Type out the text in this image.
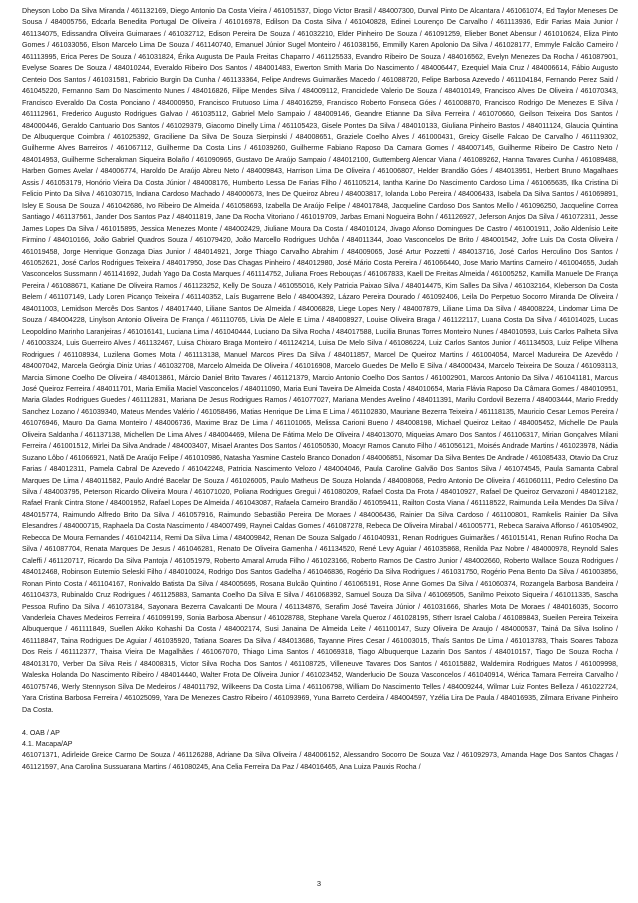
Dheyson Lobo Da Silva Miranda / 461132169, Diego Antonio Da Costa Vieira / 461051537, Diogo Victor Brasil / 484007300, Durval Pinto De Alcantara / 461061074, Ed Taylor Meneses De Sousa / 484005756, Edcarla Benedita Portugal De Oliveira / 461016978, Edilson Da Costa Silva / 461040828, Edinei Lourenço De Carvalho / 461113936, Edir Farias Maia Junior / 461134075, Edissandra Oliveira Guimaraes / 461032712, Edison Pereira De Souza / 461032210, Elder Pinheiro De Souza / 461091259, Elieber Bonet Abensur / 461010624, Eliza Pinto Gomes / 461033056, Elson Marcelo Lima De Souza / 461140740, Emanuel Júnior Sugel Monteiro / 461038156, Emmilly Karen Apolonio Da Silva / 461028177, Emmyle Falcão Carneiro / 461113995, Erica Peres De Souza / 461031824, Érika Augusta De Paula Freitas Chaparro / 461125533, Evandro Ribeiro De Souza / 484016562, Evelyn Menezes Da Rocha / 461087901, Evelyse Soares De Souza / 484010244, Everaldo Ribeiro Dos Santos / 484001483, Ewerton Smith Maria Do Nascimento / 484006447, Ezequiel Maia Cruz / 484006614, Fábio Augusto Centeio Dos Santos / 461031581, Fabricio Burgin Da Cunha / 461133364, Felipe Andrews Guimarães Macedo / 461088720, Felipe Barbosa Azevedo / 461104184, Fernando Perez Said / 461045220, Fernanno Sam Do Nascimento Nunes / 484016826, Filipe Mendes Silva / 484009112, Franciclede Valerio De Souza / 484010149, Francisco Alves De Oliveira / 461070343, Francisco Everaldo Da Costa Ponciano / 484000950, Francisco Frutuoso Lima / 484016259, Francisco Roberto Fonseca Góes / 461008870, Francisco Rodrigo De Menezes E Silva / 461112961, Frederico Augusto Rodrigues Galvao / 461035112, Gabriel Melo Sampaio / 484009146, Geandre Etianne Da Silva Ferreira / 461070660, Geilson Teixeira Dos Santos / 484000446, Geraldo Cantuario Dos Santos / 461029379, Giacomo Dinelly Lima / 461105423, Gisele Pontes Da Silva / 484010133, Giuliana Pinheiro Bastos / 484011124, Glaucia Quintina De Albuquerque Coimbra / 461025392, Graciliene Da Silva De Souza Sierpinski / 484008651, Graziele Coelho Alves / 461000431, Greicy Giselle Falcao De Carvalho / 461119302, Guilherme Alves Barreiros / 461067112, Guilherme Da Costa Lins / 461039260, Guilherme Fabiano Raposo Da Camara Gomes / 484007145, Guilherme Ribeiro De Castro Neto / 484014953, Guilherme Scherakman Siqueira Bolaño / 461090965, Gustavo De Araújo Sampaio / 484012100, Guttemberg Alencar Viana / 461089262, Hanna Tavares Cunha / 461089488, Harben Gomes Avelar / 484006774, Haroldo De Araújo Abreu Neto / 484009843, Harrison Lima De Oliveira / 461006807, Helder Brandão Góes / 484013951, Herbert Bruno Magalhaes Assis / 461053179, Honório Vieira Da Costa Júnior / 484008176, Humberto Lessa De Farias Filho / 461105214, Iantha Karine Do Nascimento Cardoso Lima / 461065635, Ilka Cristina Di Felicio Pinto Da Silva / 461030715, Indiana Cardoso Machado / 484000673, Ines De Queiroz Abreu / 484003817, Iolanda Lobo Pereira / 484006433, Isabela Da Silva Santos / 461069891, Isley E Sousa De Souza / 461042686, Ivo Ribeiro De Almeida / 461058693, Izabella De Araújo Felipe / 484017848, Jacqueline Cardoso Dos Santos Mello / 461096250, Jacqueline Correa Santiago / 461137561, Jander Dos Santos Paz / 484011819, Jane Da Rocha Vitoriano / 461019709, Jarbas Ernani Nogueira Bohn / 461126927, Jeferson Anjos Da Silva / 461072311, Jesse James Lopes Da Silva / 461015895, Jessica Menezes Monte / 484002429, Jiuliane Moura Da Costa / 484010124, Jivago Afonso Domingues De Castro / 461001911, João Aldenísio Leite Firmino / 484010166, João Gabriel Quadros Souza / 461079420, João Marcello Rodrigues Uchôa / 484011344, Joao Vasconcelos De Brito / 484001542, Jofre Luis Da Costa Oliveira / 461019458, Jorge Henrique Gonzaga Dias Junior / 484014921, Jorge Thiago Carvalho Abrahim / 484009065, José Artur Pozzetti / 484013716, José Carlos Herculino Dos Santos / 461052621, José Carlos Rodrigues Teixeira / 484017950, Jose Das Chagas Pinheiro / 484012980, José Mário Costa Pereira / 461066440, Jose Mario Martins Carneiro / 461004655, Judah Vasconcelos Sussmann / 461141692, Judah Yago Da Costa Marques / 461114752, Juliana Froes Rebouças / 461067833, Kaell De Freitas Almeida / 461005252, Kamilla Manuele De França Pereira / 461088671, Katiane De Oliveira Ramos / 461123252, Kelly De Souza / 461055016, Kely Patricia Paixao Silva / 484014475, Kim Salles Da Silva / 461032164, Kleberson Da Costa Belem / 461107149, Lady Loren Picanço Teixeira / 461140352, Laís Bugarrene Belo / 484004392, Lázaro Pereira Dourado / 461092406, Leila Do Perpetuo Socorro Miranda De Oliveira / 484011003, Lemidson Mercês Dos Santos / 484017440, Liliane Santos De Almeida / 484006828, Liege Lopes Nery / 484007879, Liliane Lima Da Silva / 484008224, Lindomar Lima De Souza / 484004228, Linylson Antonio Oliveira De França / 461110765, Livia De Alele E Lima / 484008927, Louise Oliveira Braga / 461122117, Luana Costa Da Silva / 461014025, Lucas Leopoldino Marinho Laranjeiras / 461016141, Luciana Lima / 461040444, Luciano Da Silva Rocha / 484017588, Lucilia Brunas Torres Monteiro Nunes / 484010593, Luis Carlos Palheta Silva / 461003324, Luis Guerreiro Alves / 461132467, Luisa Chixaro Braga Monteiro / 461124214, Luisa De Melo Silva / 461086224, Luiz Carlos Santos Junior / 461134503, Luiz Felipe Vilhena Rodrigues / 461108934, Luzilena Gomes Mota / 461113138, Manuel Marcos Pires Da Silva / 484011857, Marcel De Queiroz Martins / 461004054, Marcel Madureira De Azevêdo / 484007042, Marcela Geórgia Diniz Urias / 461032708, Marcelo Almeida De Oliveira / 461016908, Marcelo Guedes De Mello E Silva / 484000434, Marcelo Teixeira De Souza / 461093113, Marcia Simone Coelho De Oliveira / 484013861, Márcio Daniel Brito Tavares / 461121379, Marcio Antonio Coelho Dos Santos / 461002901, Marcos Antonio Da Silva / 461041181, Marcus José Queiroz Ferreira / 484011701, Maria Emilia Maciel Vasconcelos / 484011090, Maria Euni Taveira De Almeida Costa / 484010654, Maria Flávia Raposo Da Câmara Gomes / 484010951, Maria Glades Rodrigues Guedes / 461112831, Mariana De Jesus Rodrigues Ramos / 461077027, Mariana Mendes Avelino / 484011391, Marilu Cordovil Bezerra / 484003444, Mario Freddy Sanchez Lozano / 461039340, Mateus Mendes Valério / 461058496, Matias Henrique De Lima E Lima / 461102830, Mauriane Bezerra Teixeira / 461118135, Mauricio Cesar Lemos Pereira / 461076946, Mauro Da Gama Monteiro / 484006736, Maxime Braz De Lima / 461101065, Melissa Carioni Bueno / 484008198, Michael Queiroz Leitao / 484005452, Michelle De Paula Oliveira Saldanha / 461137138, Michellen De Lima Alves / 484004469, Milena De Fátima Melo De Oliveira / 484013070, Miqueias Amaro Dos Santos / 461106317, Mirian Gonçalves Milani Ferreira / 461001512, Mirlei Da Silva Andrade / 484003407, Misael Arantes Dos Santos / 461050530, Moacyr Ramos Canuto Filho / 461056121, Moisés Andrade Martins / 461023978, Nádia Suzano Lôbo / 461066921, Natã De Araújo Felipe / 461010986, Natasha Yasmine Castelo Branco Donadon / 484006851, Nisomar Da Silva Bentes De Andrade / 461085433, Otavio Da Cruz Farias / 484012311, Pamela Cabral De Azevedo / 461042248, Patricia Nascimento Velozo / 484004046, Paula Caroline Galvão Dos Santos Silva / 461074545, Paula Samanta Cabral Marques De Lima / 484011582, Paulo André Bacelar De Souza / 461026005, Paulo Matheus De Souza Holanda / 484008068, Pedro Antonio De Oliveira / 461060111, Pedro Celestino Da Silva / 484003795, Peterson Ricardo Oliveira Moura / 461071020, Poliana Rodrigues Gregui / 461080209, Rafael Costa Da Frota / 484010927, Rafael De Queiroz Gervazoni / 484012182, Rafael Frank Cintra Stone / 484001952, Rafael Lopes De Almeida / 461043087, Rafaela Carneiro Brandão / 461059411, Railton Costa Viana / 461118522, Raimunda Leila Mendes Da Silva / 484015774, Raimundo Alfredo Brito Da Silva / 461057916, Raimundo Sebastião Pereira De Moraes / 484006436, Rainier Da Silva Cardoso / 461100801, Ramkelis Rainier Da Silva Elesandres / 484000715, Raphaela Da Costa Nascimento / 484007499, Raynei Caldas Gomes / 461087278, Rebeca De Oliveira Mirabal / 461005771, Rebeca Saraiva Affonso / 461054902, Rebecca De Moura Fernandes / 461042114, Remi Da Silva Lima / 484009842, Renan De Souza Salgado / 461040931, Renan Rodrigues Guimarães / 461015141, Renan Rufino Rocha Da Silva / 461087704, Renata Marques De Jesus / 461046281, Renato De Oliveira Gamenha / 461134520, René Levy Aguiar / 461035868, Renilda Paz Nobre / 484000978, Reynold Sales Caleffi / 461120717, Ricardo Da Silva Pantoja / 461051979, Roberto Amaral Arruda Filho / 461023166, Roberto Ramos De Castro Junior / 484002660, Roberto Wallace Souza Rodrigues / 484012468, Robinson Eutemio Seleski Filho / 484010024, Rodrigo Dos Santos Gadelha / 461046836, Rogério Da Silva Rodrigues / 461031750, Rogério Pena Bento Da Silva / 461003856, Ronan Pinto Costa / 461104167, Ronivaldo Batista Da Silva / 484005695, Rosana Bulcão Quintino / 461065191, Rose Anne Gomes Da Silva / 461060374, Rozangela Barbosa Bandeira / 461104373, Rubinaldo Cruz Rodrigues / 461125883, Samanta Coelho Da Silva E Silva / 461068392, Samuel Souza Da Silva / 461069505, Sanilmo Peixoto Siqueira / 461011335, Sascha Pessoa Rufino Da Silva / 461073184, Sayonara Bezerra Cavalcanti De Moura / 461134876, Serafim José Taveira Júnior / 461031666, Sharles Mota De Moraes / 484016035, Socorro Vanderleia Chaves Medeiros Ferreira / 461099199, Sonia Barbosa Abensur / 461028788, Stephane Varela Queroz / 461028195, Stherr Israel Caloba / 461089843, Sueilen Pereira Teixeira Albuquerque / 461111849, Suellen Akiko Kohashi Da Costa / 484002174, Susi Janaina De Almeida Leite / 461100147, Suzy Oliveira De Araujo / 484000537, Tainá Da Silva Isolino / 461118847, Taina Rodrigues De Aguiar / 461035920, Tatiana Soares Da Silva / 484013686, Tayanne Pires Cesar / 461003015, Thaís Santos De Lima / 461013783, Thais Soares Taboza Dos Reis / 461112377, Thaisa Vieira De Magalhães / 461067070, Thiago Lima Santos / 461069318, Tiago Albuquerque Lazarin Dos Santos / 484010157, Tiago De Souza Rocha / 484013170, Verber Da Silva Reis / 484008315, Victor Silva Rocha Dos Santos / 461108725, Villeneuve Tavares Dos Santos / 461015882, Waldemira Rodrigues Matos / 461009998, Waleska Holanda Do Nascimento Ribeiro / 484014440, Walter Frota De Oliveira Junior / 461023452, Wanderlucio De Souza Vasconcelos / 461040914, Wérica Tamara Ferreira Carvalho / 461075746, Werly Stennyson Silva De Medeiros / 484011792, Wilkeens Da Costa Lima / 461106798, William Do Nascimento Telles / 484009244, Wilmar Luiz Fontes Belleza / 461022724, Yara Cristina Barbosa Ferreira / 461025099, Yara De Menezes Castro Ribeiro / 461093969, Yuna Barreto Cerdeira / 484004597, Yzélia Lira De Paula / 484016935, Zilmara Erivane Pinheiro Da Costa.

4. OAB / AP

4.1. Macapa/AP

461071371, Adirleide Greice Carmo De Souza / 461126288, Adriane Da Silva Oliveira / 484006152, Alessandro Socorro De Souza Vaz / 461092973, Amanda Hage Dos Santos Chagas / 461121597, Ana Carolina Sussuarana Martins / 461080245, Ana Celia Ferreira Da Paz / 484016465, Ana Luiza Pauxis Rocha /

3
